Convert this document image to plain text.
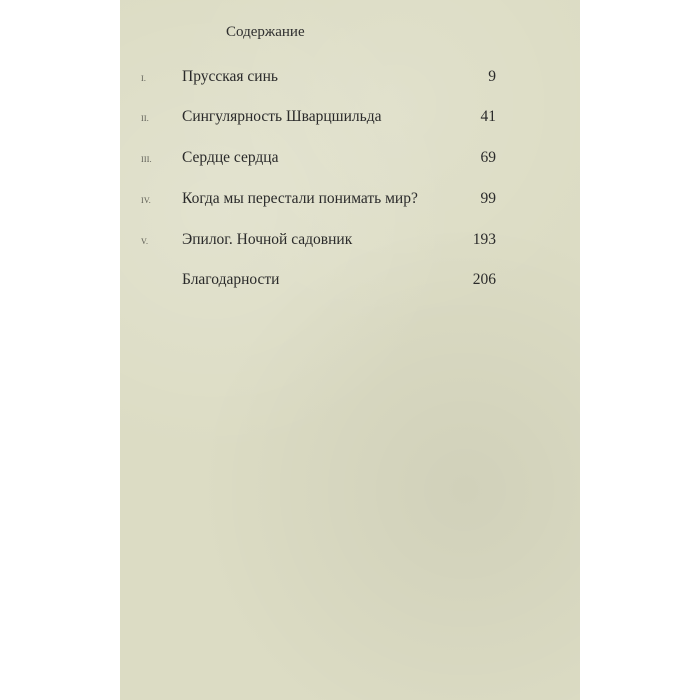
Содержание
I. Прусская синь	9
II. Сингулярность Шварцшильда	41
III. Сердце сердца	69
IV. Когда мы перестали понимать мир?	99
V. Эпилог. Ночной садовник	193
Благодарности	206
